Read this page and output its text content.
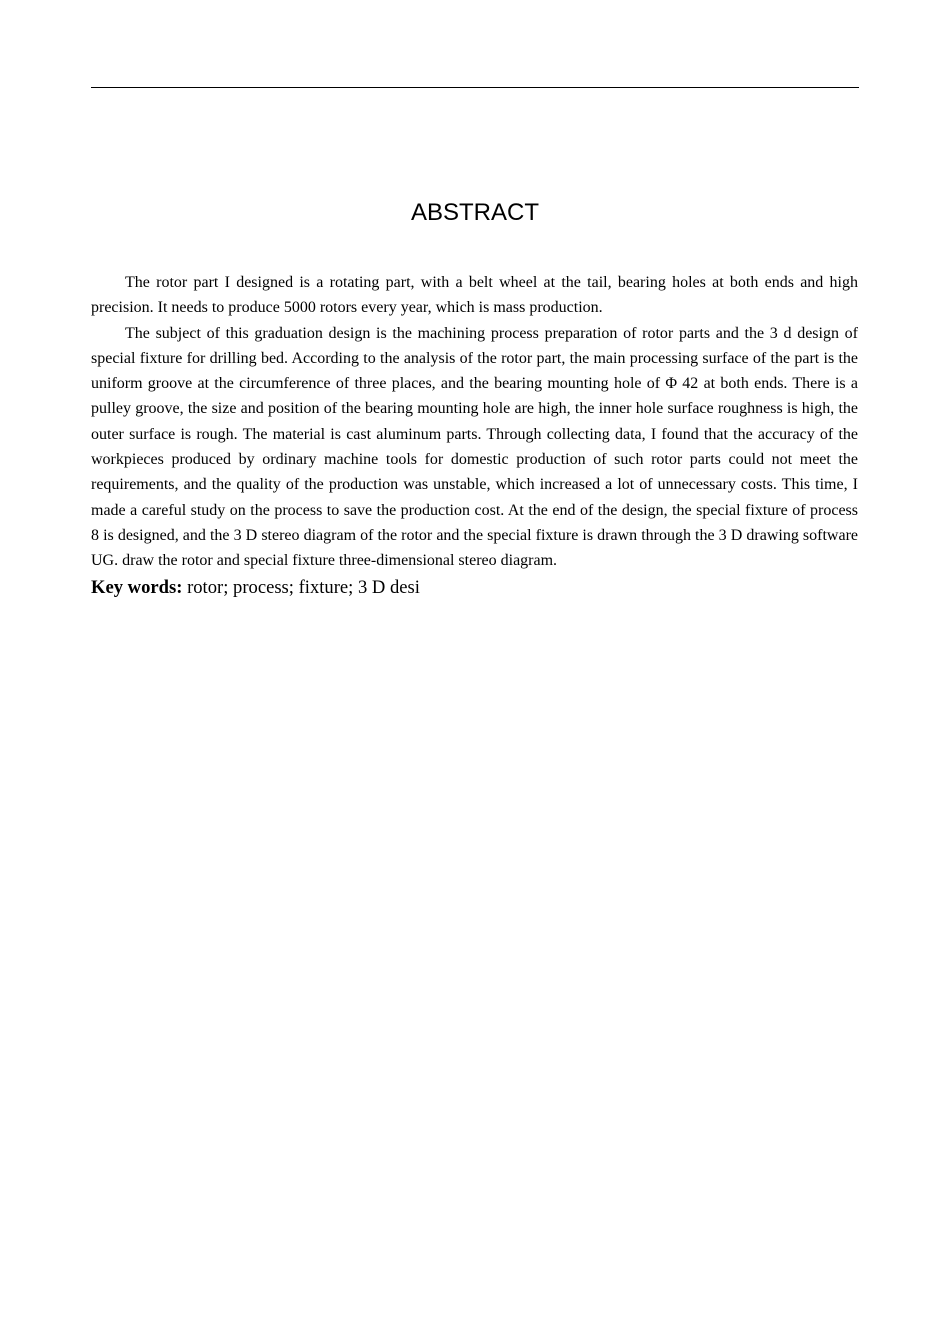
ABSTRACT

The rotor part I designed is a rotating part, with a belt wheel at the tail, bearing holes at both ends and high precision. It needs to produce 5000 rotors every year, which is mass production.

The subject of this graduation design is the machining process preparation of rotor parts and the 3 d design of special fixture for drilling bed. According to the analysis of the rotor part, the main processing surface of the part is the uniform groove at the circumference of three places, and the bearing mounting hole of Φ 42 at both ends. There is a pulley groove, the size and position of the bearing mounting hole are high, the inner hole surface roughness is high, the outer surface is rough. The material is cast aluminum parts. Through collecting data, I found that the accuracy of the workpieces produced by ordinary machine tools for domestic production of such rotor parts could not meet the requirements, and the quality of the production was unstable, which increased a lot of unnecessary costs. This time, I made a careful study on the process to save the production cost. At the end of the design, the special fixture of process 8 is designed, and the 3 D stereo diagram of the rotor and the special fixture is drawn through the 3 D drawing software UG. draw the rotor and special fixture three-dimensional stereo diagram.

Key words: rotor; process; fixture; 3 D desi
